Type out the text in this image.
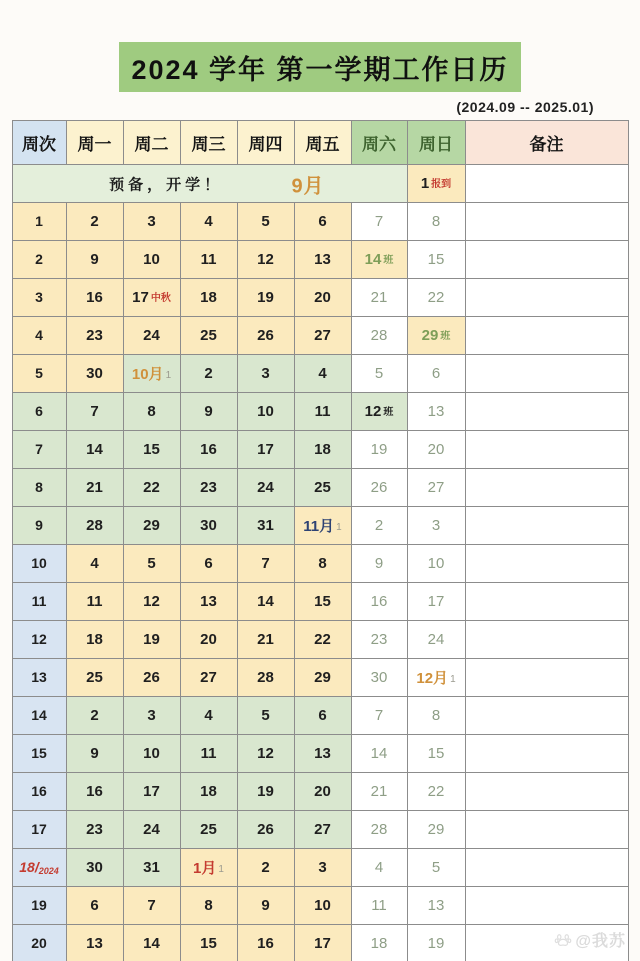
2024 学年 第一学期工作日历
(2024.09 -- 2025.01)
周次	周一	周二	周三	周四	周五	周六	周日	备注

预备，开学！ 9月							1 报到	
1	2	3	4	5	6	7	8	
2	9	10	11	12	13	14 班	15	
3	16	17 中秋	18	19	20	21	22	
4	23	24	25	26	27	28	29 班	
5	30	10月 1	2	3	4	5	6	
6	7	8	9	10	11	12 班	13	
7	14	15	16	17	18	19	20	
8	21	22	23	24	25	26	27	
9	28	29	30	31	11月 1	2	3	
10	4	5	6	7	8	9	10	
11	11	12	13	14	15	16	17	
12	18	19	20	21	22	23	24	
13	25	26	27	28	29	30	12月 1	
14	2	3	4	5	6	7	8	
15	9	10	11	12	13	14	15	
16	16	17	18	19	20	21	22	
17	23	24	25	26	27	28	29	
18/2024	30	31	1月 1	2	3	4	5	
19	6	7	8	9	10	11	13	
20	13	14	15	16	17	18	19		@我苏
